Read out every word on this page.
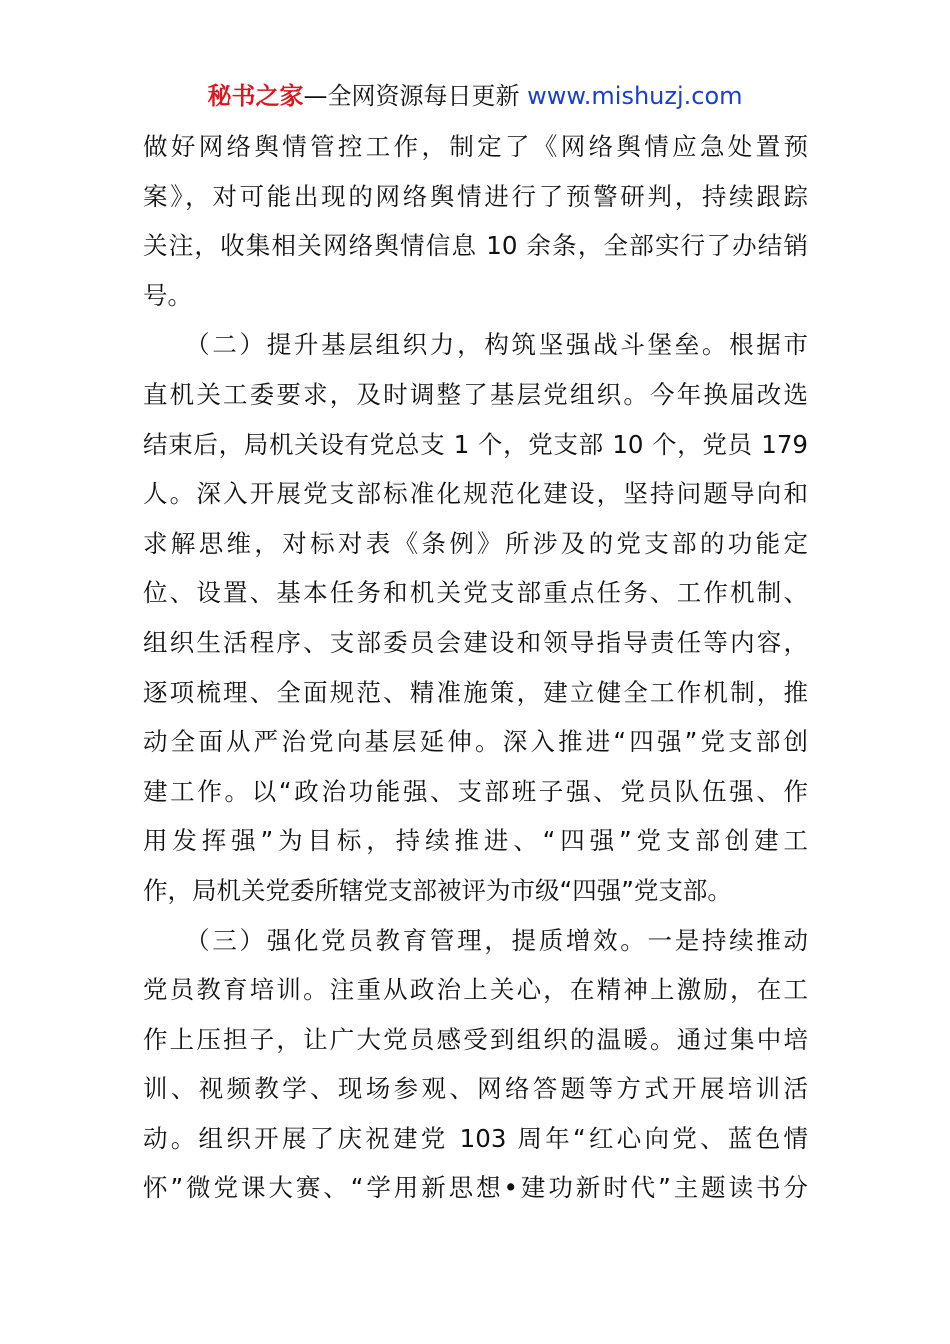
秘书之家—全网资源每日更新 www.mishuzj.com
做好网络舆情管控工作，制定了《网络舆情应急处置预
案》，对可能出现的网络舆情进行了预警研判，持续跟踪
关注，收集相关网络舆情信息 10 余条，全部实行了办结销
号。
　　（二）提升基层组织力，构筑坚强战斗堡垒。根据市
直机关工委要求，及时调整了基层党组织。今年换届改选
结束后，局机关设有党总支 1 个，党支部 10 个，党员 179
人。深入开展党支部标准化规范化建设，坚持问题导向和
求解思维，对标对表《条例》所涉及的党支部的功能定
位、设置、基本任务和机关党支部重点任务、工作机制、
组织生活程序、支部委员会建设和领导指导责任等内容，
逐项梳理、全面规范、精准施策，建立健全工作机制，推
动全面从严治党向基层延伸。深入推进“四强”党支部创
建工作。以“政治功能强、支部班子强、党员队伍强、作
用发挥强”为目标，持续推进、“四强”党支部创建工
作，局机关党委所辖党支部被评为市级“四强”党支部。
　　（三）强化党员教育管理，提质增效。一是持续推动
党员教育培训。注重从政治上关心，在精神上激励，在工
作上压担子，让广大党员感受到组织的温暖。通过集中培
训、视频教学、现场参观、网络答题等方式开展培训活
动。组织开展了庆祝建党 103 周年“红心向党、蓝色情
怀”微党课大赛、“学用新思想•建功新时代”主题读书分
